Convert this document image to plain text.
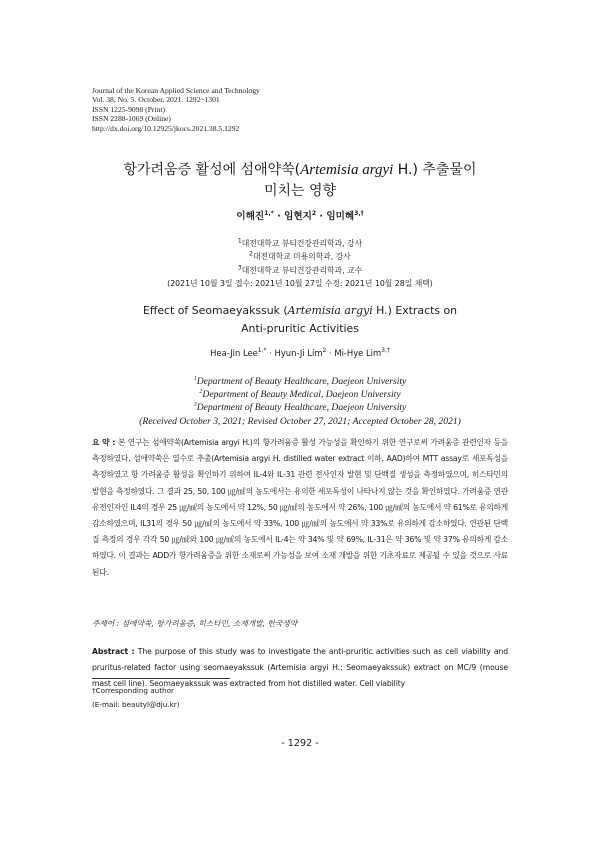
Journal of the Korean Applied Science and Technology
Vol. 38, No. 5. October, 2021. 1292~1301
ISSN 1225-9098 (Print)
ISSN 2288-1069 (Online)
http://dx.doi.org/10.12925/jkocs.2021.38.5.1292
항가려움증 활성에 섬애약쑥(Artemisia argyi H.) 추출물이
미치는 영향
이해진$^{1,*}$ · 임현지$^2$ · 임미혜$^{3,\dagger}$
$^1$대전대학교 뷰티건강관리학과, 강사
$^2$대전대학교 미용의학과, 강사
$^3$대전대학교 뷰티건강관리학과, 교수
(2021년 10월 3일 접수: 2021년 10월 27일 수정: 2021년 10월 28일 채택)
Effect of Seomaeyakssuk (Artemisia argyi H.) Extracts on
Anti-pruritic Activities
Hea-Jin Lee$^{1,*}$ · Hyun-Ji Lim$^2$ · Mi-Hye Lim$^{3,\dagger}$
$^1$Department of Beauty Healthcare, Daejeon University
$^2$Department of Beauty Medical, Daejeon University
$^3$Department of Beauty Healthcare, Daejeon University
(Received October 3, 2021; Revised October 27, 2021; Accepted October 28, 2021)
요 약 : 본 연구는 섬애약쑥(Artemisia argyi H.)의 항가려움증 활성 가능성을 확인하기 위한 연구로써 가려움증 관련인자 등을 측정하였다. 섬애약쑥은 열수로 추출(Artemisia argyi H. distilled water extract 이하, AAD)하여 MTT assay로 세포독성을 측정하였고 항 가려움증 활성을 확인하기 위하여 IL-4와 IL-31 관련 전사인자 발현 및 단백질 생성을 측정하였으며, 히스타민의 발현을 측정하였다. 그 결과 25, 50, 100 ㎍/㎖의 농도에서는 유의한 세포독성이 나타나지 않는 것을 확인하였다. 가려움증 연관 유전인자인 IL4의 경우 25 ㎍/㎖의 농도에서 약 12%, 50 ㎍/㎖의 농도에서 약 26%, 100 ㎍/㎖의 농도에서 약 61%로 유의하게 감소하였으며, IL31의 경우 50 ㎍/㎖의 농도에서 약 33%, 100 ㎍/㎖의 농도에서 약 33%로 유의하게 감소하였다. 연관된 단백질 측정의 경우 각각 50 ㎍/㎖와 100 ㎍/㎖의 농도에서 IL-4는 약 34% 및 약 69%, IL-31은 약 36% 및 약 37% 유의하게 감소하였다. 이 결과는 ADD가 항가려움증을 위한 소재로써 가능성을 보여 소재 개발을 위한 기초자료로 제공될 수 있을 것으로 사료된다.
주제어 : 섬애약쑥, 항가려움증, 히스타민, 소재개발, 한국생약
Abstract : The purpose of this study was to investigate the anti-pruritic activities such as cell viability and pruritus-related factor using seomaeyakssuk (Artemisia argyi H.; Seomaeyakssuk) extract on MC/9 (mouse mast cell line). Seomaeyakssuk was extracted from hot distilled water. Cell viability
†Corresponding author
(E-mail: beautyl@dju.kr)
- 1292 -
